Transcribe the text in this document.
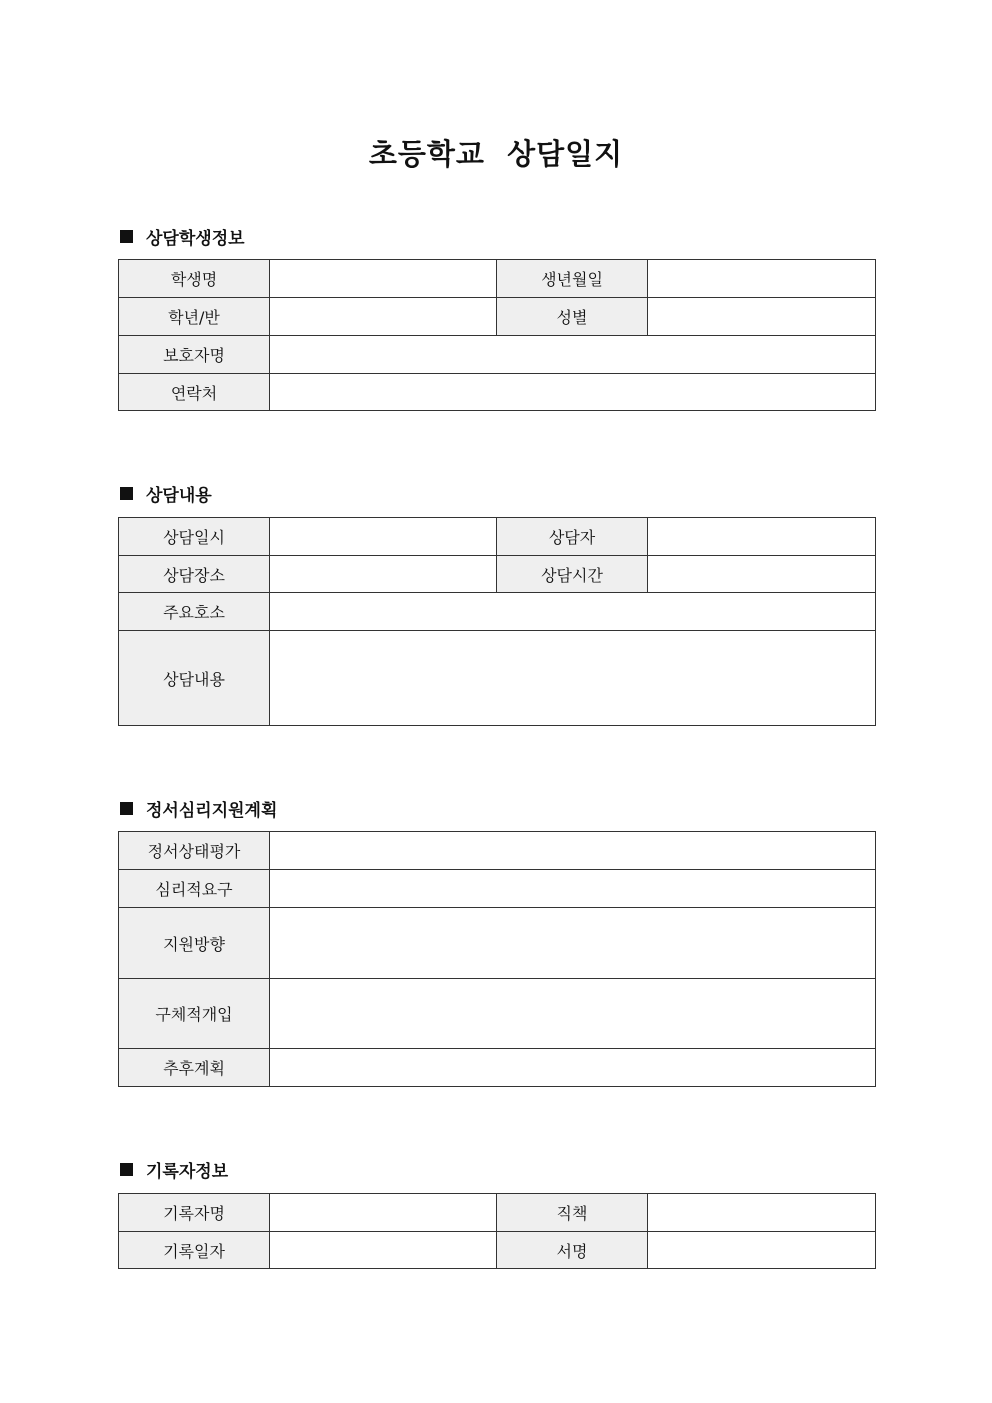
초등학교  상담일지
상담학생정보
학생명		생년월일	
학년/반		성별	
보호자명			
연락처			
상담내용
상담일시		상담자	
상담장소		상담시간	
주요호소			
상담내용			
정서심리지원계획
정서상태평가	
심리적요구	
지원방향	
구체적개입	
추후계획	
기록자정보
기록자명		직책	
기록일자		서명	
